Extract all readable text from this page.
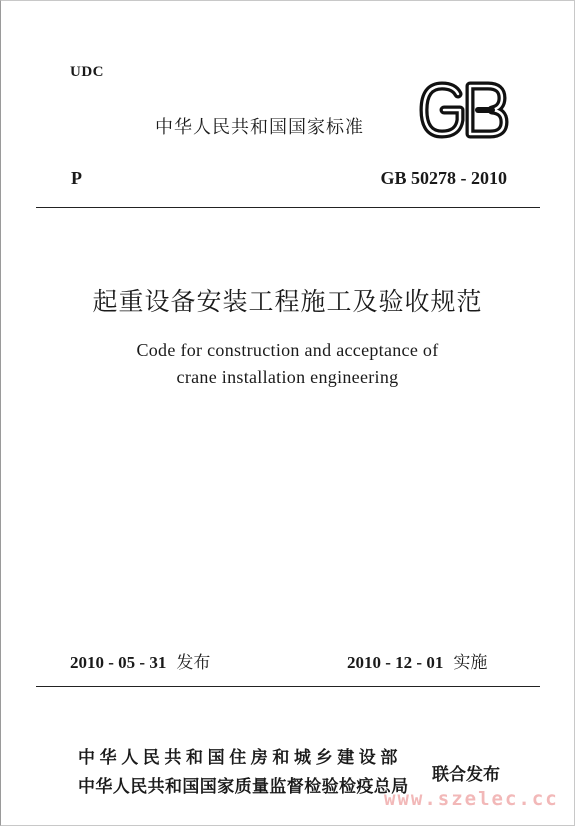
UDC
中华人民共和国国家标准
GB
P	GB 50278 - 2010
起重设备安装工程施工及验收规范
Code for construction and acceptance of
crane installation engineering
2010 - 05 - 31 发布	2010 - 12 - 01 实施
中华人民共和国住房和城乡建设部
中华人民共和国国家质量监督检验检疫总局
联合发布
www.szelec.cc
